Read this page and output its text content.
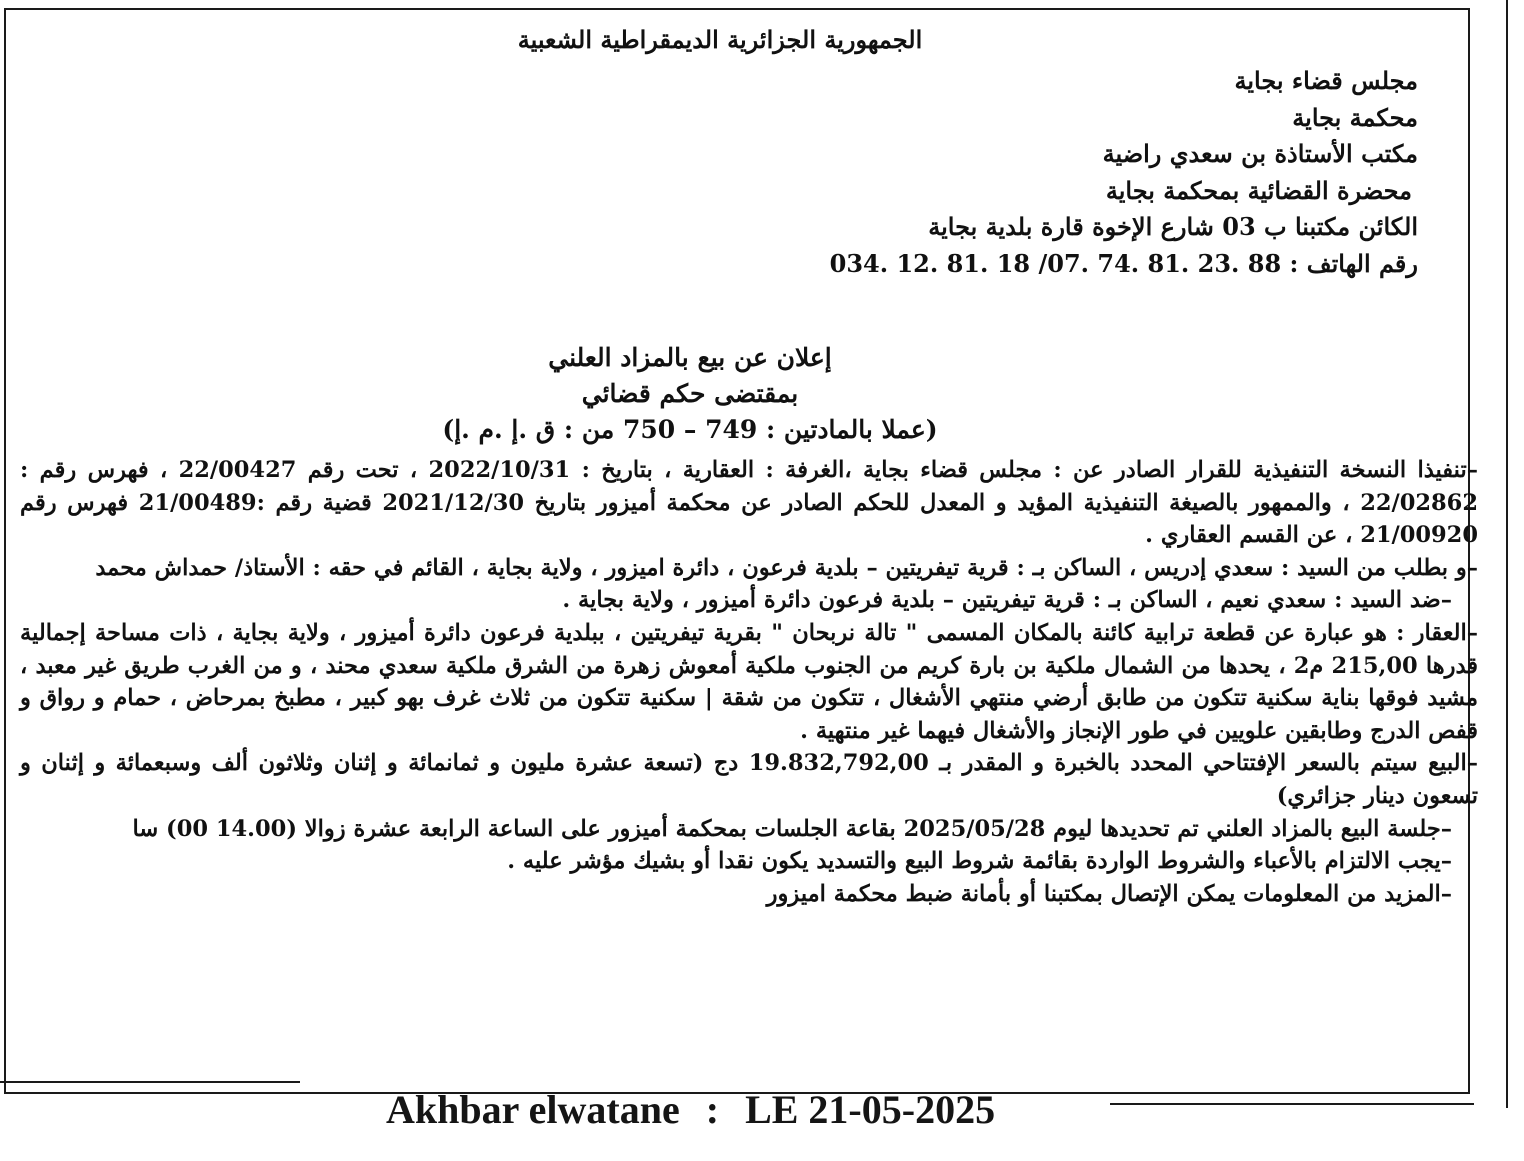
الجمهورية الجزائرية الديمقراطية الشعبية
مجلس قضاء بجاية
محكمة بجاية
مكتب الأستاذة بن سعدي راضية
محضرة القضائية بمحكمة بجاية
الكائن مكتبنا ب 03 شارع الإخوة قارة بلدية بجاية
رقم الهاتف : 88 .23 .81 .74 .07/ 18 .81 .12 .034
إعلان عن بيع بالمزاد العلني
بمقتضى حكم قضائي
(عملا بالمادتين : 749 – 750 من : ق .إ .م .إ)

–تنفيذا النسخة التنفيذية للقرار الصادر عن : مجلس قضاء بجاية ،الغرفة : العقارية ، بتاريخ : 2022/10/31 ، تحت رقم 22/00427 ، فهرس رقم : 22/02862 ، والممهور بالصيغة التنفيذية المؤيد و المعدل للحكم الصادر عن محكمة أميزور بتاريخ 2021/12/30 قضية رقم :21/00489 فهرس رقم 21/00920 ، عن القسم العقاري .

–و بطلب من السيد : سعدي إدريس ، الساكن بـ : قرية تيفريتين – بلدية فرعون ، دائرة اميزور ، ولاية بجاية ، القائم في حقه : الأستاذ/ حمداش محمد

–ضد السيد : سعدي نعيم ، الساكن بـ : قرية تيفريتين – بلدية فرعون دائرة أميزور ، ولاية بجاية .

–العقار : هو عبارة عن قطعة ترابية كائنة بالمكان المسمى " تالة نربحان " بقرية تيفريتين ، ببلدية فرعون دائرة أميزور ، ولاية بجاية ، ذات مساحة إجمالية قدرها 215,00 م2 ، يحدها من الشمال ملكية بن بارة كريم من الجنوب ملكية أمعوش زهرة من الشرق ملكية سعدي محند ، و من الغرب طريق غير معبد ، مشيد فوقها بناية سكنية تتكون من طابق أرضي منتهي الأشغال ، تتكون من شقة | سكنية تتكون من ثلاث غرف بهو كبير ، مطبخ بمرحاض ، حمام و رواق و قفص الدرج وطابقين علويين في طور الإنجاز والأشغال فيهما غير منتهية .

–البيع سيتم بالسعر الإفتتاحي المحدد بالخبرة و المقدر بـ 19.832,792,00 دج (تسعة عشرة مليون و ثمانمائة و إثنان وثلاثون ألف وسبعمائة و إثنان و تسعون دينار جزائري)

–جلسة البيع بالمزاد العلني تم تحديدها ليوم 2025/05/28 بقاعة الجلسات بمحكمة أميزور على الساعة الرابعة عشرة زوالا (14.00 00) سا

–يجب الالتزام بالأعباء والشروط الواردة بقائمة شروط البيع والتسديد يكون نقدا أو بشيك مؤشر عليه .

–المزيد من المعلومات يمكن الإتصال بمكتبنا أو بأمانة ضبط محكمة اميزور

Akhbar elwatane : LE 21-05-2025
